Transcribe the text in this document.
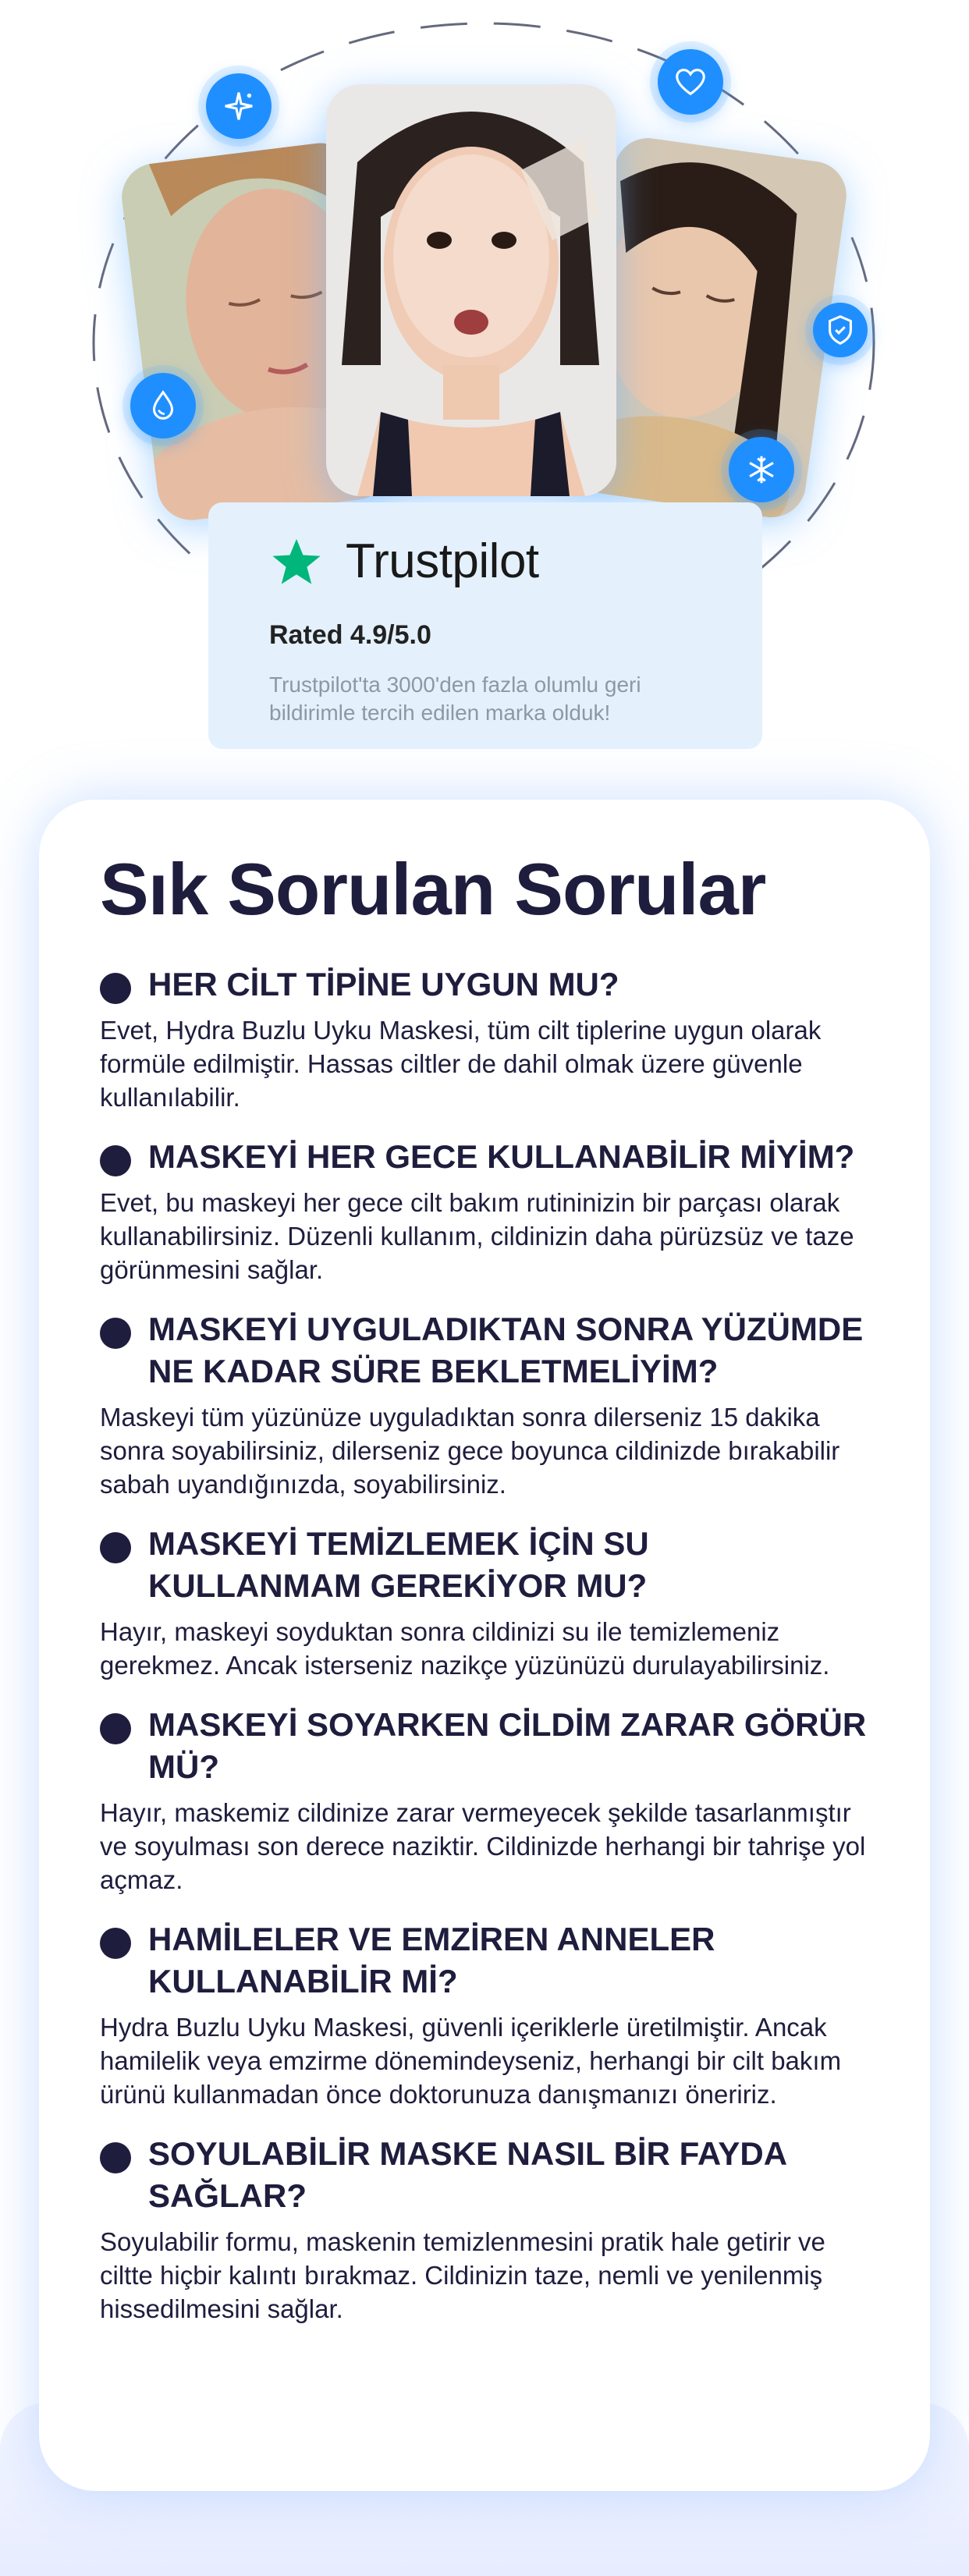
Trustpilot
Rated 4.9/5.0
Trustpilot'ta 3000'den fazla olumlu geri bildirimle tercih edilen marka olduk!
Sık Sorulan Sorular
HER CİLT TİPİNE UYGUN MU?
Evet, Hydra Buzlu Uyku Maskesi, tüm cilt tiplerine uygun olarak formüle edilmiştir. Hassas ciltler de dahil olmak üzere güvenle kullanılabilir.
MASKEYİ HER GECE KULLANABİLİR MİYİM?
Evet, bu maskeyi her gece cilt bakım rutininizin bir parçası olarak kullanabilirsiniz. Düzenli kullanım, cildinizin daha pürüzsüz ve taze görünmesini sağlar.
MASKEYİ UYGULADIKTAN SONRA YÜZÜMDE NE KADAR SÜRE BEKLETMELİYİM?
Maskeyi tüm yüzünüze uyguladıktan sonra dilerseniz 15 dakika sonra soyabilirsiniz, dilerseniz gece boyunca cildinizde bırakabilir sabah uyandığınızda, soyabilirsiniz.
MASKEYİ TEMİZLEMEK İÇİN SU KULLANMAM GEREKİYOR MU?
Hayır, maskeyi soyduktan sonra cildinizi su ile temizlemeniz gerekmez. Ancak isterseniz nazikçe yüzünüzü durulayabilirsiniz.
MASKEYİ SOYARKEN CİLDİM ZARAR GÖRÜR MÜ?
Hayır, maskemiz cildinize zarar vermeyecek şekilde tasarlanmıştır ve soyulması son derece naziktir. Cildinizde herhangi bir tahrişe yol açmaz.
HAMİLELER VE EMZİREN ANNELER KULLANABİLİR Mİ?
Hydra Buzlu Uyku Maskesi, güvenli içeriklerle üretilmiştir. Ancak hamilelik veya emzirme dönemindeyseniz, herhangi bir cilt bakım ürünü kullanmadan önce doktorunuza danışmanızı öneririz.
SOYULABİLİR MASKE NASIL BİR FAYDA SAĞLAR?
Soyulabilir formu, maskenin temizlenmesini pratik hale getirir ve ciltte hiçbir kalıntı bırakmaz. Cildinizin taze, nemli ve yenilenmiş hissedilmesini sağlar.
